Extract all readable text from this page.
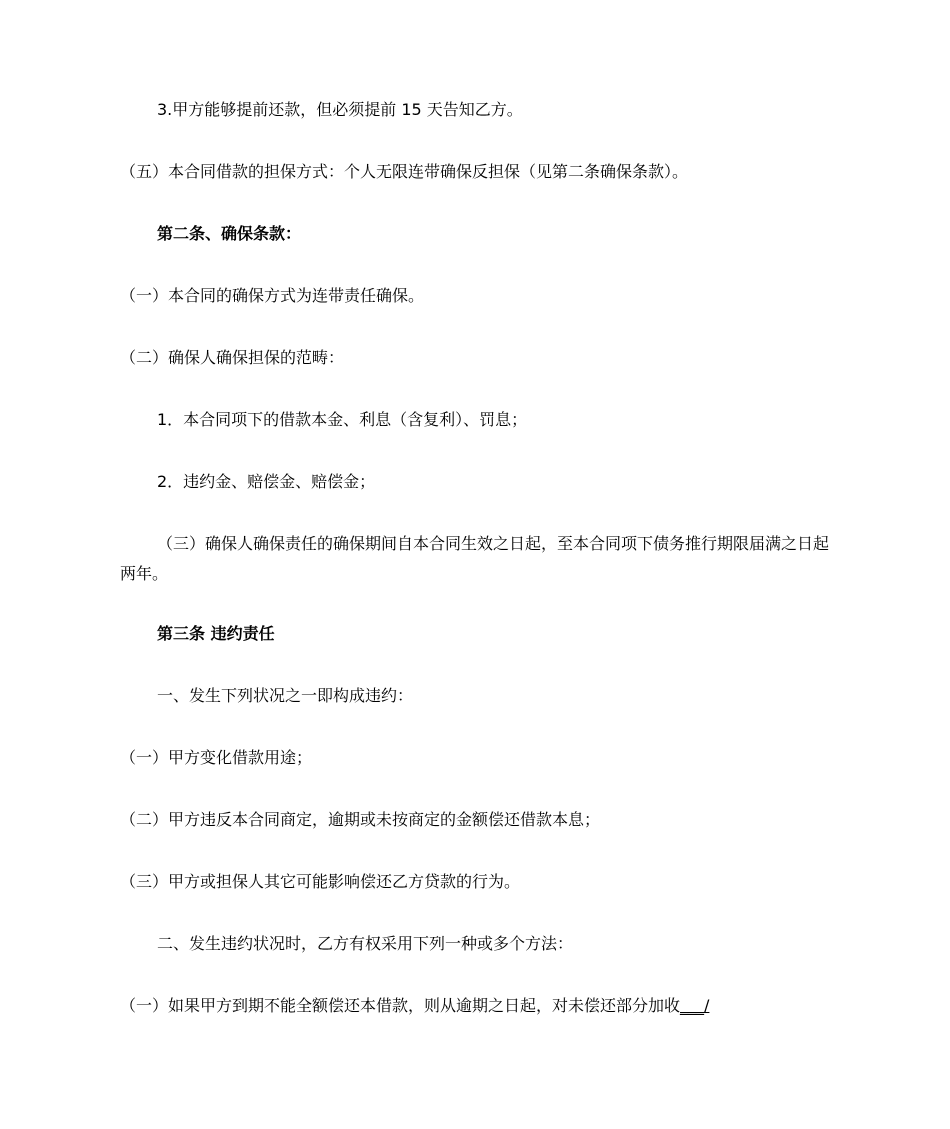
3.甲方能够提前还款，但必须提前 15 天告知乙方。

（五）本合同借款的担保方式：个人无限连带确保反担保（见第二条确保条款）。

第二条、确保条款：

（一）本合同的确保方式为连带责任确保。

（二）确保人确保担保的范畴：

1．本合同项下的借款本金、利息（含复利）、罚息；

2．违约金、赔偿金、赔偿金；

（三）确保人确保责任的确保期间自本合同生效之日起，至本合同项下债务推行期限届满之日起两年。

第三条 违约责任

一、发生下列状况之一即构成违约：

（一）甲方变化借款用途；

（二）甲方违反本合同商定，逾期或未按商定的金额偿还借款本息；

（三）甲方或担保人其它可能影响偿还乙方贷款的行为。

二、发生违约状况时，乙方有权采用下列一种或多个方法：

（一）如果甲方到期不能全额偿还本借款，则从逾期之日起，对未偿还部分加收___/
